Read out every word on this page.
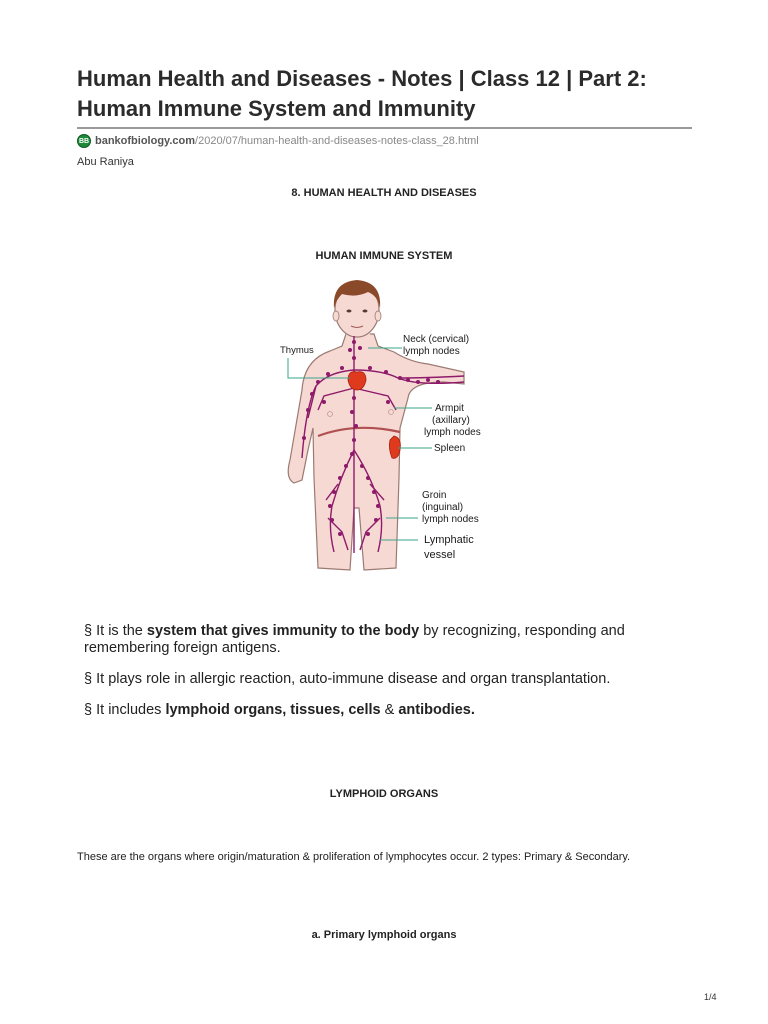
Human Health and Diseases - Notes | Class 12 | Part 2: Human Immune System and Immunity
BB bankofbiology.com /2020/07/human-health-and-diseases-notes-class_28.html
Abu Raniya
8. HUMAN HEALTH AND DISEASES
HUMAN IMMUNE SYSTEM
Thymus
Neck (cervical)
lymph nodes
Armpit
(axillary)
lymph nodes
Spleen
Groin
(inguinal)
lymph nodes
Lymphatic
vessel

§ It is the system that gives immunity to the body by recognizing, responding and remembering foreign antigens.

§ It plays role in allergic reaction, auto-immune disease and organ transplantation.

§ It includes lymphoid organs, tissues, cells & antibodies.

LYMPHOID ORGANS
These are the organs where origin/maturation & proliferation of lymphocytes occur. 2 types: Primary & Secondary.
a. Primary lymphoid organs
1/4
